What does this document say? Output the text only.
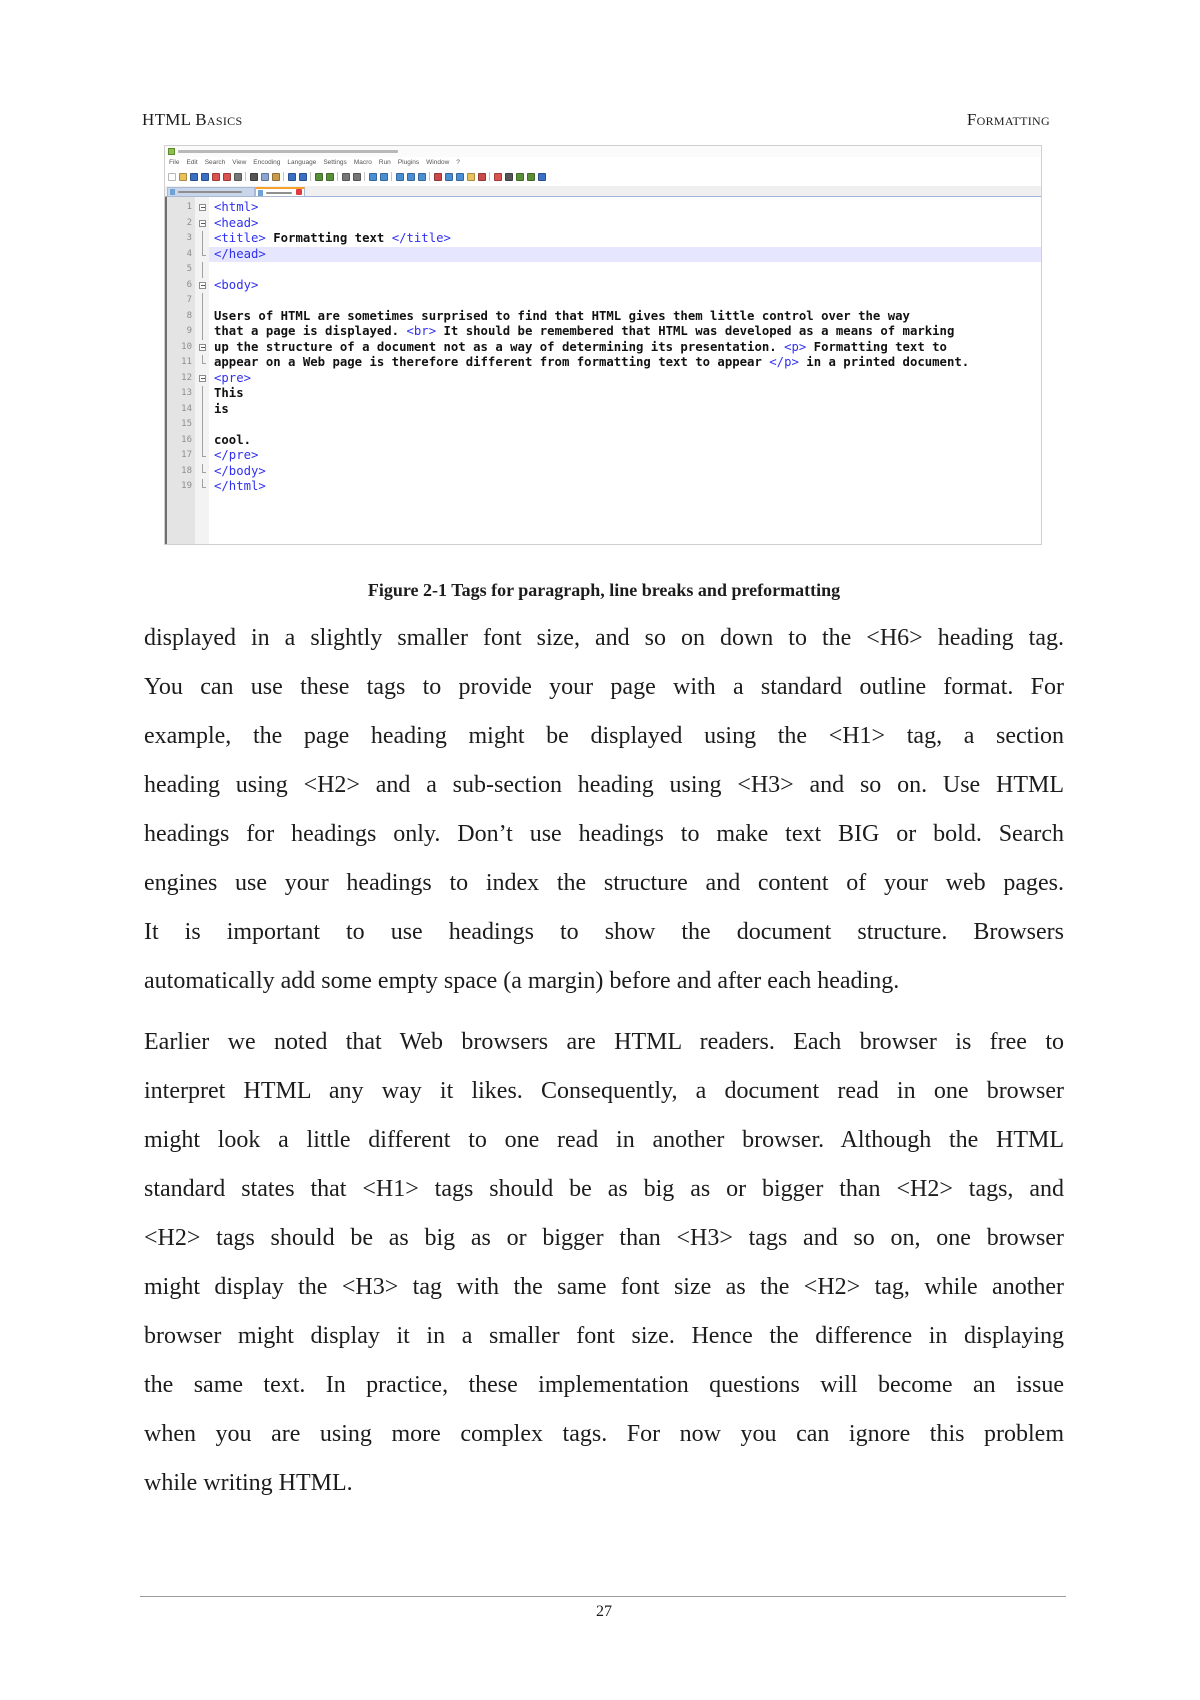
HTML Basics	Formatting
File Edit Search View Encoding Language Settings Macro Run Plugins Window ?
1 <html>
2 <head>
3 <title> Formatting text </title>
4 </head>
5
6 <body>
7
8 Users of HTML are sometimes surprised to find that HTML gives them little control over the way
9 that a page is displayed. <br> It should be remembered that HTML was developed as a means of marking
10 up the structure of a document not as a way of determining its presentation. <p> Formatting text to
11 appear on a Web page is therefore different from formatting text to appear </p> in a printed document.
12 <pre>
13 This
14 is
15
16 cool.
17 </pre>
18 </body>
19 </html>
Figure 2-1 Tags for paragraph, line breaks and preformatting
displayed in a slightly smaller font size, and so on down to the <H6> heading tag.
You can use these tags to provide your page with a standard outline format. For
example, the page heading might be displayed using the <H1> tag, a section
heading using <H2> and a sub-section heading using <H3> and so on. Use HTML
headings for headings only. Don’t use headings to make text BIG or bold. Search
engines use your headings to index the structure and content of your web pages.
It is important to use headings to show the document structure. Browsers
automatically add some empty space (a margin) before and after each heading.
Earlier we noted that Web browsers are HTML readers. Each browser is free to
interpret HTML any way it likes. Consequently, a document read in one browser
might look a little different to one read in another browser. Although the HTML
standard states that <H1> tags should be as big as or bigger than <H2> tags, and
<H2> tags should be as big as or bigger than <H3> tags and so on, one browser
might display the <H3> tag with the same font size as the <H2> tag, while another
browser might display it in a smaller font size. Hence the difference in displaying
the same text. In practice, these implementation questions will become an issue
when you are using more complex tags. For now you can ignore this problem
while writing HTML.
27
